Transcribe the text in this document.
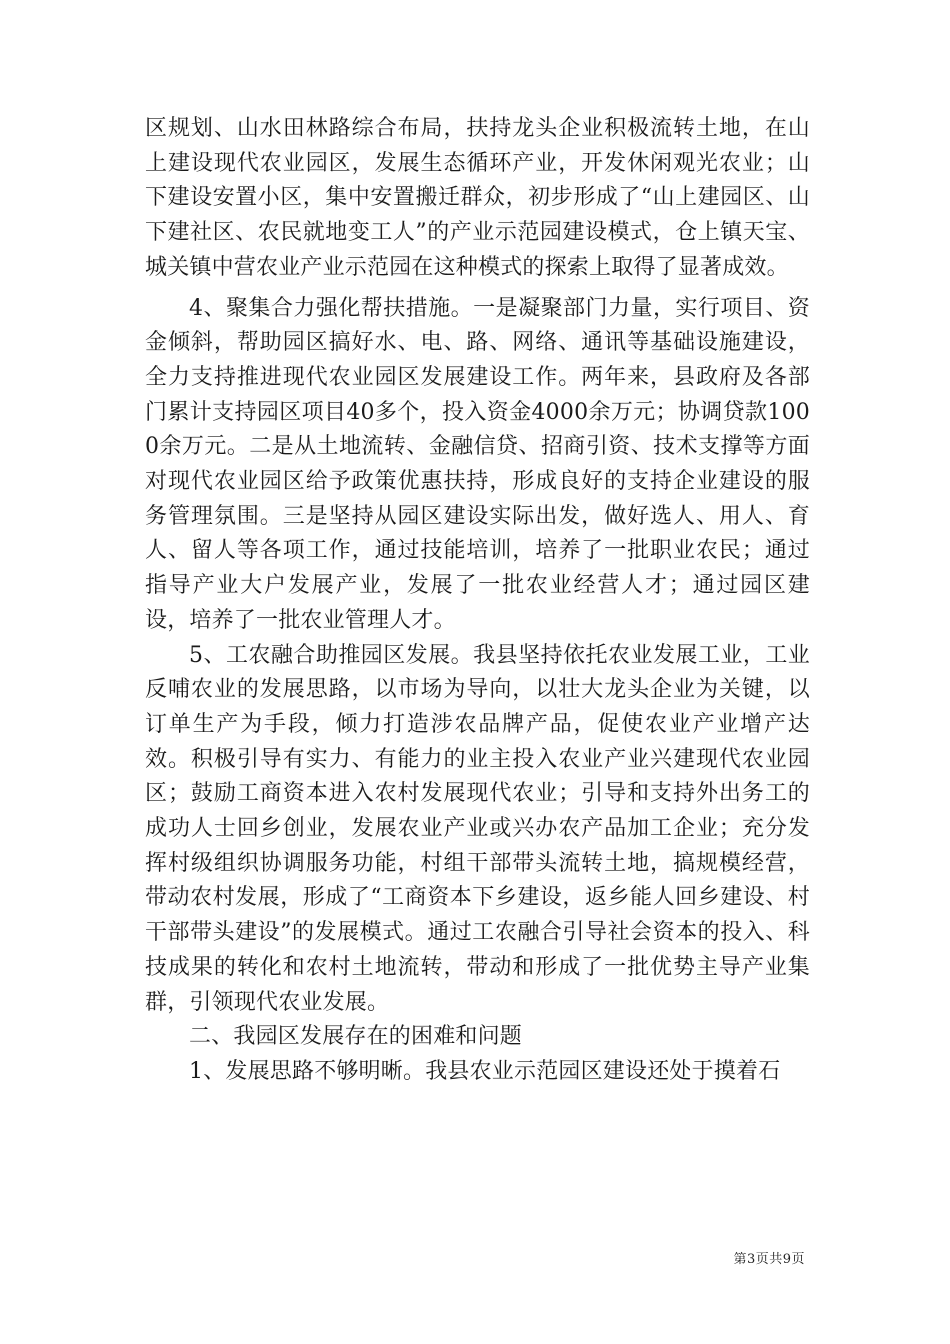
区规划、山水田林路综合布局，扶持龙头企业积极流转土地，在山上建设现代农业园区，发展生态循环产业，开发休闲观光农业；山下建设安置小区，集中安置搬迁群众，初步形成了“山上建园区、山下建社区、农民就地变工人”的产业示范园建设模式，仓上镇天宝、城关镇中营农业产业示范园在这种模式的探索上取得了显著成效。

4、聚集合力强化帮扶措施。一是凝聚部门力量，实行项目、资金倾斜，帮助园区搞好水、电、路、网络、通讯等基础设施建设，全力支持推进现代农业园区发展建设工作。两年来，县政府及各部门累计支持园区项目40多个，投入资金4000余万元；协调贷款1000余万元。二是从土地流转、金融信贷、招商引资、技术支撑等方面对现代农业园区给予政策优惠扶持，形成良好的支持企业建设的服务管理氛围。三是坚持从园区建设实际出发，做好选人、用人、育人、留人等各项工作，通过技能培训，培养了一批职业农民；通过指导产业大户发展产业，发展了一批农业经营人才；通过园区建设，培养了一批农业管理人才。

5、工农融合助推园区发展。我县坚持依托农业发展工业，工业反哺农业的发展思路，以市场为导向，以壮大龙头企业为关键，以订单生产为手段，倾力打造涉农品牌产品，促使农业产业增产达效。积极引导有实力、有能力的业主投入农业产业兴建现代农业园区；鼓励工商资本进入农村发展现代农业；引导和支持外出务工的成功人士回乡创业，发展农业产业或兴办农产品加工企业；充分发挥村级组织协调服务功能，村组干部带头流转土地，搞规模经营，带动农村发展，形成了“工商资本下乡建设，返乡能人回乡建设、村干部带头建设”的发展模式。通过工农融合引导社会资本的投入、科技成果的转化和农村土地流转，带动和形成了一批优势主导产业集群，引领现代农业发展。

二、我园区发展存在的困难和问题

1、发展思路不够明晰。我县农业示范园区建设还处于摸着石

第3页共9页
